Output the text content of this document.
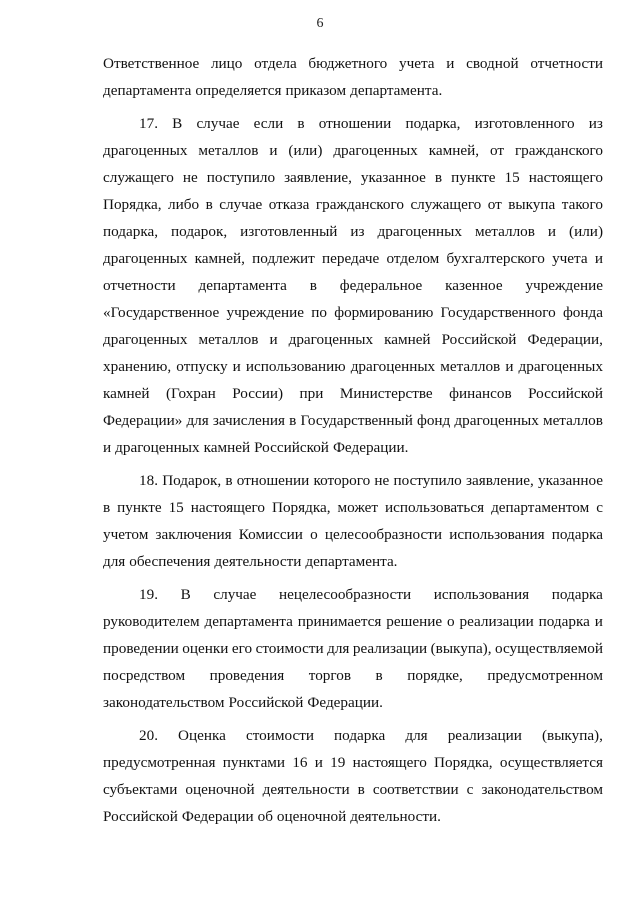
6
Ответственное лицо отдела бюджетного учета и сводной отчетности
департамента определяется приказом департамента.
17. В случае если в отношении подарка, изготовленного из
драгоценных металлов и (или) драгоценных камней, от гражданского
служащего не поступило заявление, указанное в пункте 15 настоящего
Порядка, либо в случае отказа гражданского служащего от выкупа такого
подарка, подарок, изготовленный из драгоценных металлов и (или)
драгоценных камней, подлежит передаче отделом бухгалтерского учета и
отчетности департамента в федеральное казенное учреждение
«Государственное учреждение по формированию Государственного фонда
драгоценных металлов и драгоценных камней Российской Федерации,
хранению, отпуску и использованию драгоценных металлов и драгоценных
камней (Гохран России) при Министерстве финансов Российской
Федерации» для зачисления в Государственный фонд драгоценных металлов
и драгоценных камней Российской Федерации.
18. Подарок, в отношении которого не поступило заявление, указанное
в пункте 15 настоящего Порядка, может использоваться департаментом с
учетом заключения Комиссии о целесообразности использования подарка
для обеспечения деятельности департамента.
19. В случае нецелесообразности использования подарка
руководителем департамента принимается решение о реализации подарка и
проведении оценки его стоимости для реализации (выкупа), осуществляемой
посредством проведения торгов в порядке, предусмотренном
законодательством Российской Федерации.
20. Оценка стоимости подарка для реализации (выкупа),
предусмотренная пунктами 16 и 19 настоящего Порядка, осуществляется
субъектами оценочной деятельности в соответствии с законодательством
Российской Федерации об оценочной деятельности.
